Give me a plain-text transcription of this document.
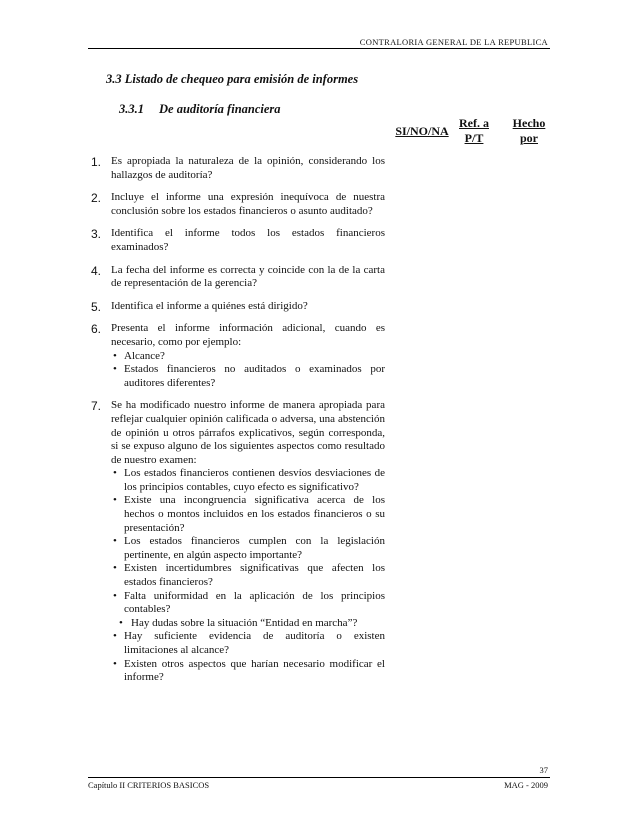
CONTRALORIA GENERAL DE LA REPUBLICA
3.3 Listado de chequeo para emisión de informes
3.3.1 De auditoría financiera
SI/NO/NA
Ref. a
P/T
Hecho
por
1. Es apropiada la naturaleza de la opinión, considerando los hallazgos de auditoría?
2. Incluye el informe una expresión inequívoca de nuestra conclusión sobre los estados financieros o asunto auditado?
3. Identifica el informe todos los estados financieros examinados?
4. La fecha del informe es correcta y coincide con la de la carta de representación de la gerencia?
5. Identifica el informe a quiénes está dirigido?
6. Presenta el informe información adicional, cuando es necesario, como por ejemplo:
• Alcance?
• Estados financieros no auditados o examinados por auditores diferentes?
7. Se ha modificado nuestro informe de manera apropiada para reflejar cualquier opinión calificada o adversa, una abstención de opinión u otros párrafos explicativos, según corresponda, si se expuso alguno de los siguientes aspectos como resultado de nuestro examen:
• Los estados financieros contienen desvíos desviaciones de los principios contables, cuyo efecto es significativo?
• Existe una incongruencia significativa acerca de los hechos o montos incluidos en los estados financieros o su presentación?
• Los estados financieros cumplen con la legislación pertinente, en algún aspecto importante?
• Existen incertidumbres significativas que afecten los estados financieros?
• Falta uniformidad en la aplicación de los principios contables?
• Hay dudas sobre la situación “Entidad en marcha”?
• Hay suficiente evidencia de auditoría o existen limitaciones al alcance?
• Existen otros aspectos que harían necesario modificar el informe?
37
Capítulo II CRITERIOS BASICOS	MAG - 2009
